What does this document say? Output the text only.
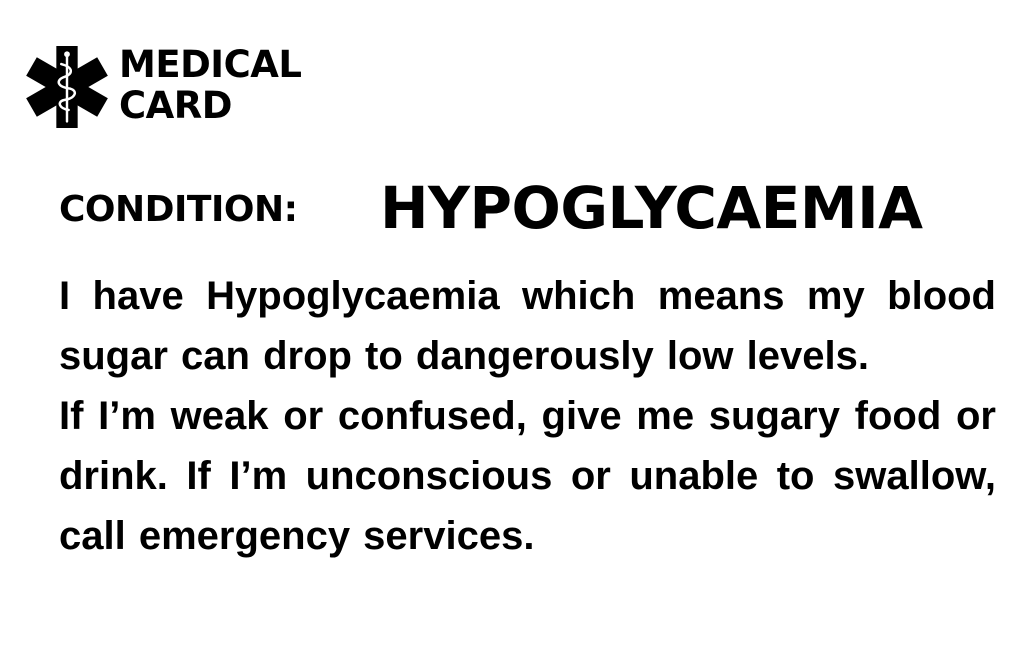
MEDICAL
CARD
CONDITION: HYPOGLYCAEMIA

I have Hypoglycaemia which means my blood sugar can drop to dangerously low levels.

If I’m weak or confused, give me sugary food or drink. If I’m unconscious or unable to swallow, call emergency services.
